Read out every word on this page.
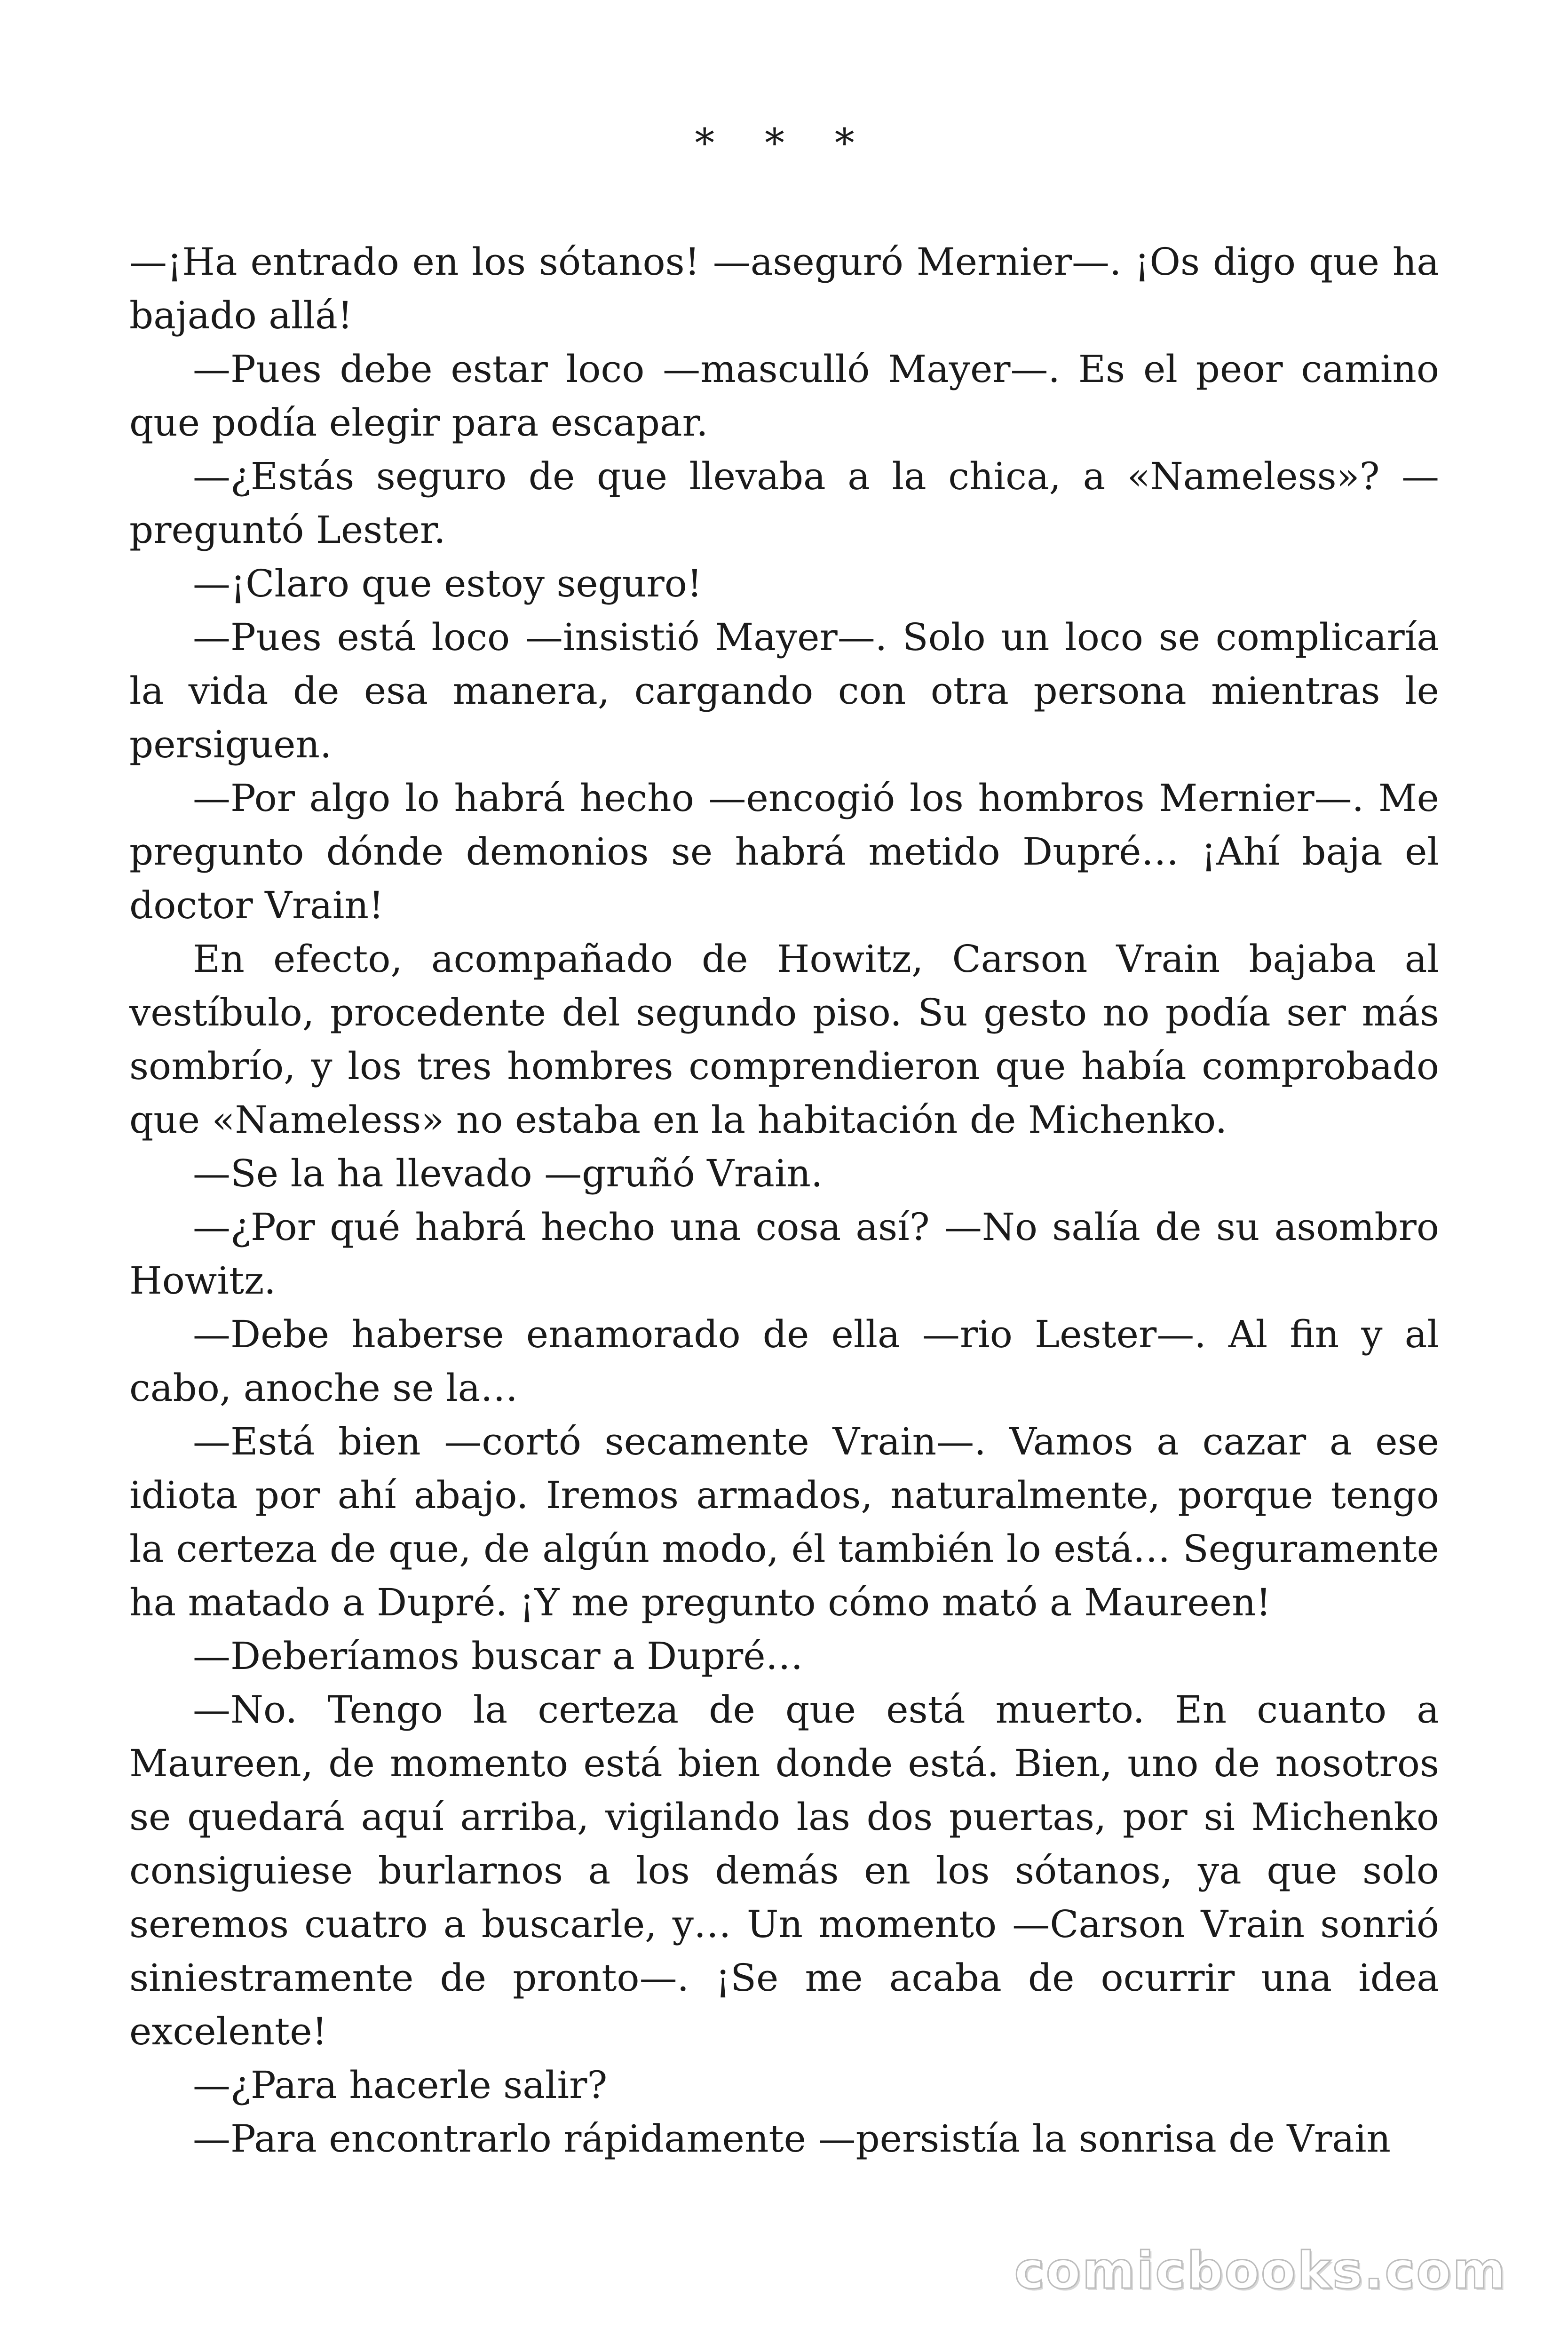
* * *

—¡Ha entrado en los sótanos! —aseguró Mernier—. ¡Os digo que ha bajado allá!

—Pues debe estar loco —masculló Mayer—. Es el peor camino que podía elegir para escapar.

—¿Estás seguro de que llevaba a la chica, a «Nameless»? —preguntó Lester.

—¡Claro que estoy seguro!

—Pues está loco —insistió Mayer—. Solo un loco se complicaría la vida de esa manera, cargando con otra persona mientras le persiguen.

—Por algo lo habrá hecho —encogió los hombros Mernier—. Me pregunto dónde demonios se habrá metido Dupré… ¡Ahí baja el doctor Vrain!

En efecto, acompañado de Howitz, Carson Vrain bajaba al vestíbulo, procedente del segundo piso. Su gesto no podía ser más sombrío, y los tres hombres comprendieron que había comprobado que «Nameless» no estaba en la habitación de Michenko.

—Se la ha llevado —gruñó Vrain.

—¿Por qué habrá hecho una cosa así? —No salía de su asombro Howitz.

—Debe haberse enamorado de ella —rio Lester—. Al fin y al cabo, anoche se la…

—Está bien —cortó secamente Vrain—. Vamos a cazar a ese idiota por ahí abajo. Iremos armados, naturalmente, porque tengo la certeza de que, de algún modo, él también lo está… Seguramente ha matado a Dupré. ¡Y me pregunto cómo mató a Maureen!

—Deberíamos buscar a Dupré…

—No. Tengo la certeza de que está muerto. En cuanto a Maureen, de momento está bien donde está. Bien, uno de nosotros se quedará aquí arriba, vigilando las dos puertas, por si Michenko consiguiese burlarnos a los demás en los sótanos, ya que solo seremos cuatro a buscarle, y… Un momento —Carson Vrain sonrió siniestramente de pronto—. ¡Se me acaba de ocurrir una idea excelente!

—¿Para hacerle salir?

—Para encontrarlo rápidamente —persistía la sonrisa de Vrain

comicbooks.com
